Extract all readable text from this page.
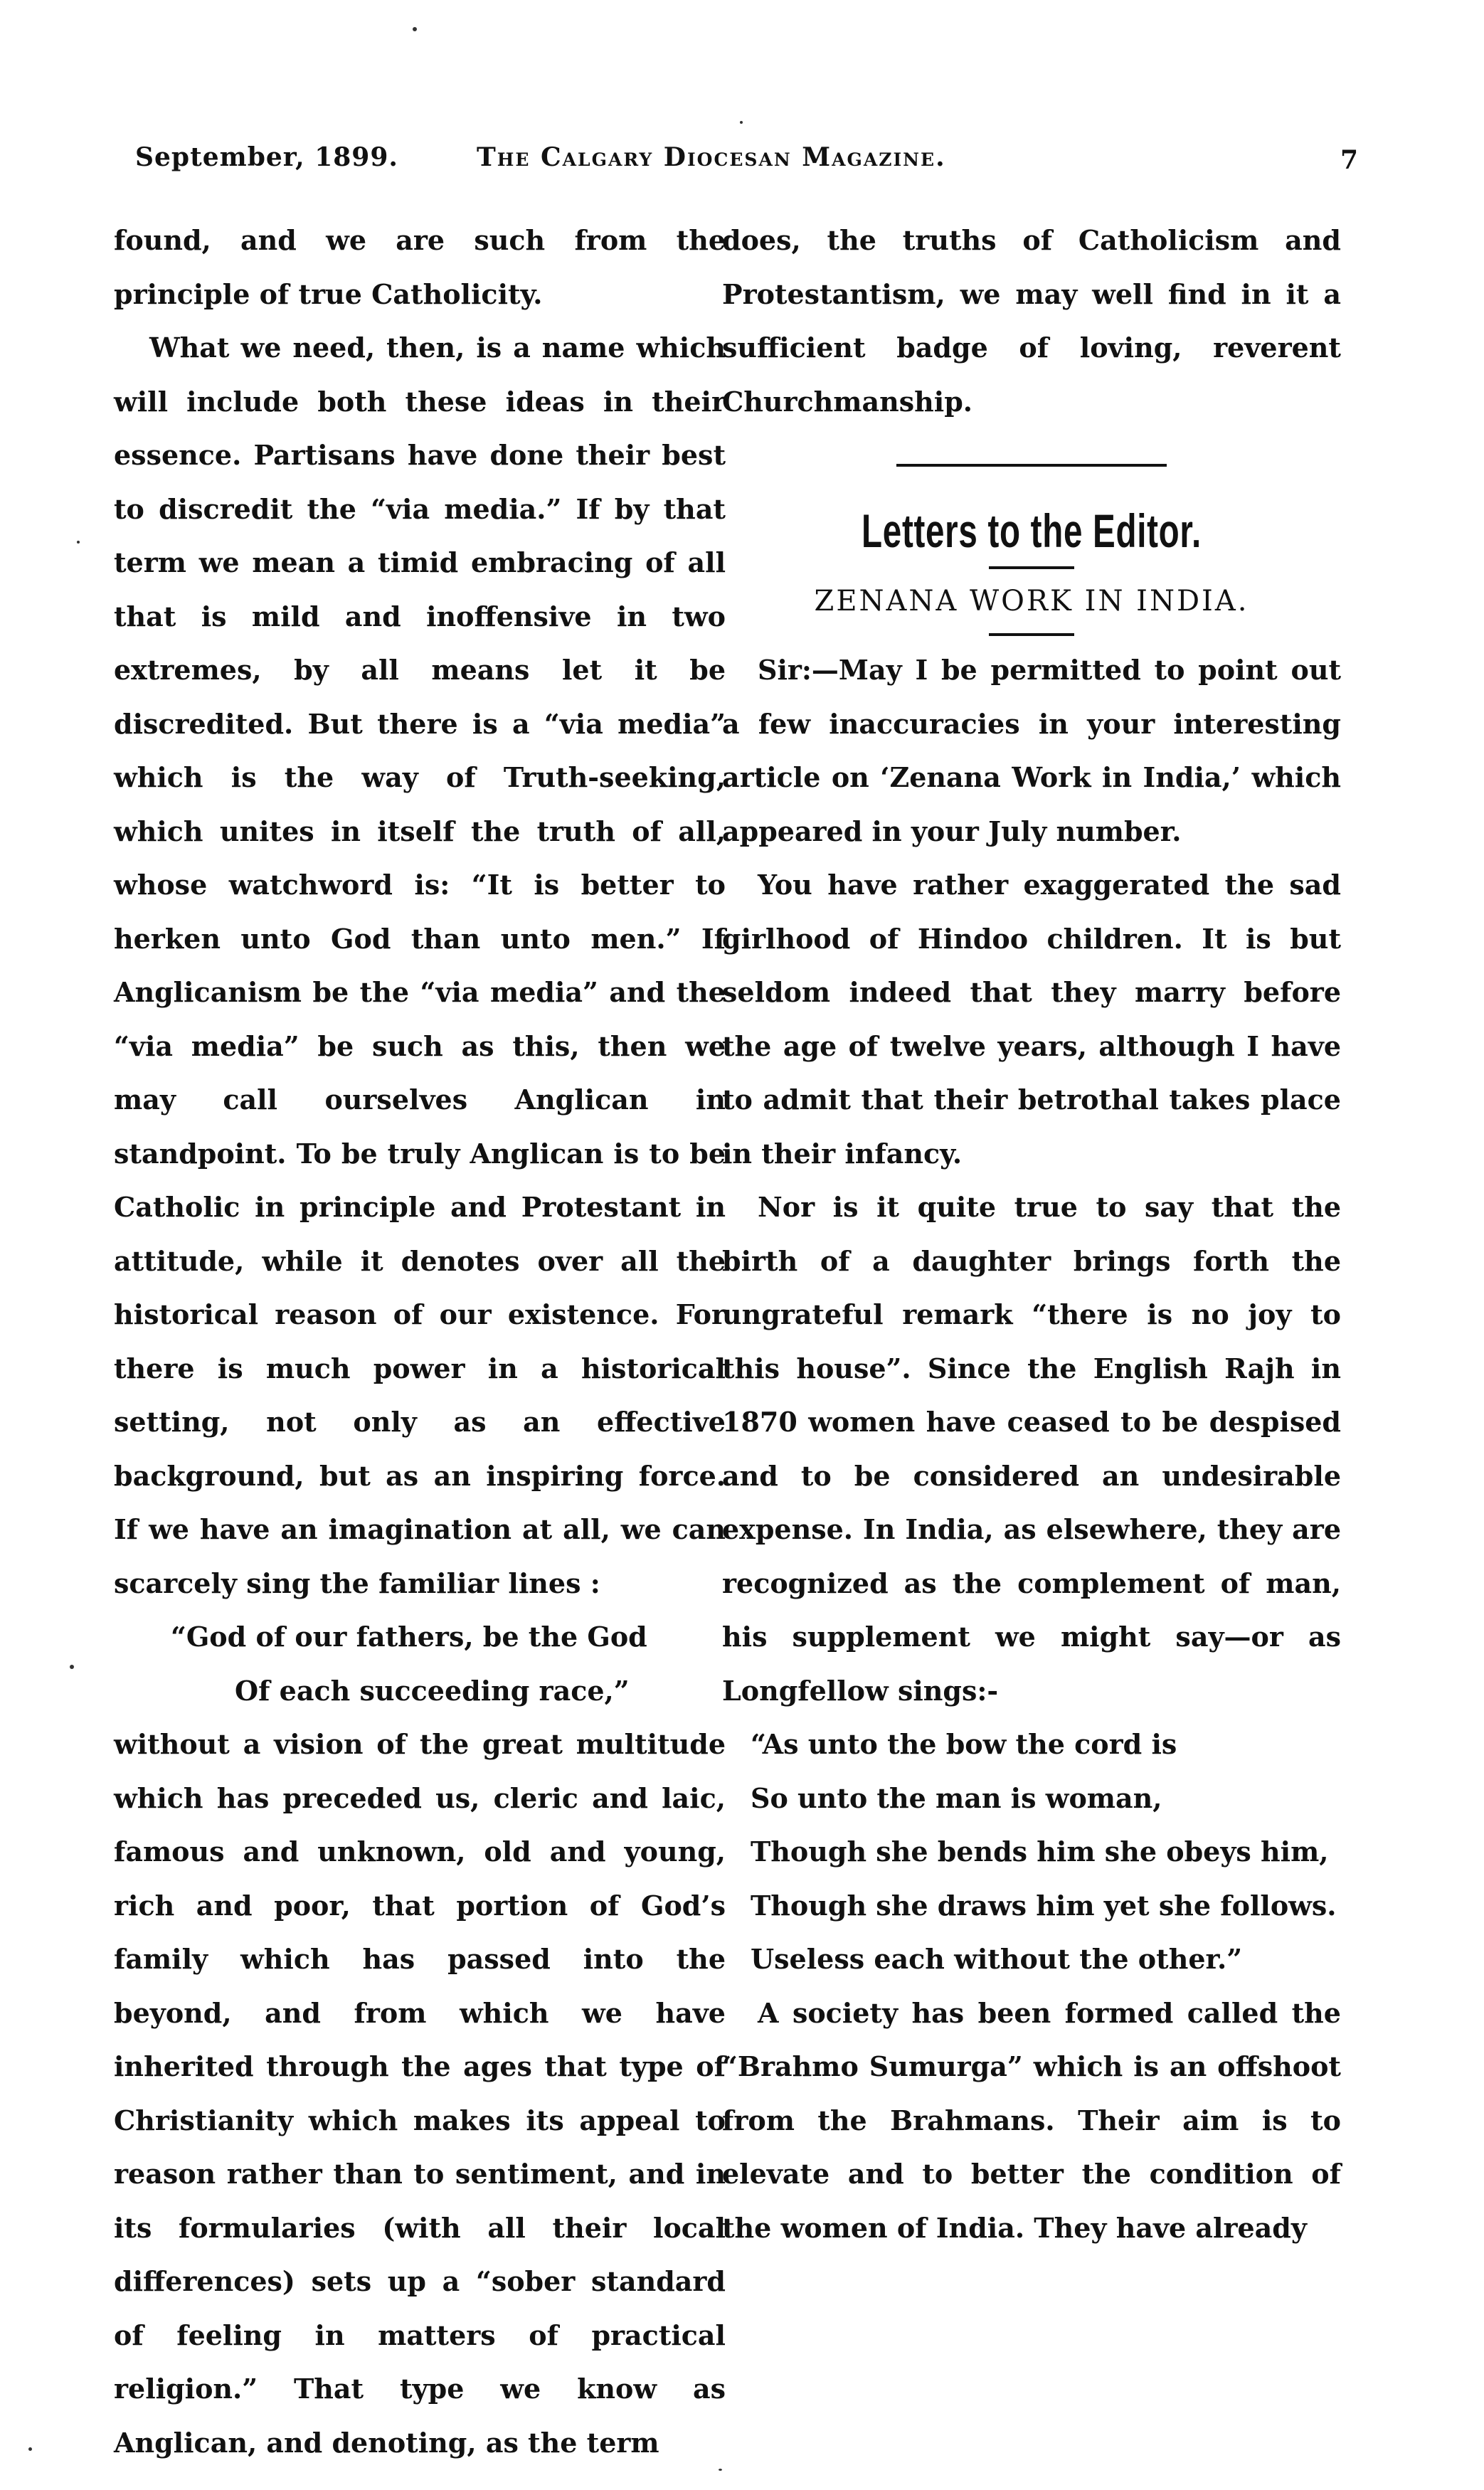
September, 1899.	The Calgary Diocesan Magazine.	7

found, and we are such from the principle of true Catholicity.

What we need, then, is a name which will include both these ideas in their essence. Partisans have done their best to discredit the “via media.” If by that term we mean a timid embracing of all that is mild and inoffensive in two extremes, by all means let it be discredited. But there is a “via media” which is the way of Truth-seeking, which unites in itself the truth of all, whose watchword is: “It is better to herken unto God than unto men.” If Anglicanism be the “via media” and the “via media” be such as this, then we may call ourselves Anglican in standpoint. To be truly Anglican is to be Catholic in principle and Protestant in attitude, while it denotes over all the historical reason of our existence. For there is much power in a historical setting, not only as an effective background, but as an inspiring force. If we have an imagination at all, we can scarcely sing the familiar lines :

“God of our fathers, be the God

Of each succeeding race,”

without a vision of the great multitude which has preceded us, cleric and laic, famous and unknown, old and young, rich and poor, that portion of God’s family which has passed into the beyond, and from which we have inherited through the ages that type of Christianity which makes its appeal to reason rather than to sentiment, and in its formularies (with all their local differences) sets up a “sober standard of feeling in matters of practical religion.” That type we know as Anglican, and denoting, as the term

does, the truths of Catholicism and Protestantism, we may well find in it a sufficient badge of loving, reverent Churchmanship.

Letters to the Editor.

ZENANA WORK IN INDIA.

Sir:—May I be permitted to point out a few inaccuracies in your interesting article on ‘Zenana Work in India,’ which appeared in your July number.

You have rather exaggerated the sad girlhood of Hindoo children. It is but seldom indeed that they marry before the age of twelve years, although I have to admit that their betrothal takes place in their infancy.

Nor is it quite true to say that the birth of a daughter brings forth the ungrateful remark “there is no joy to this house”. Since the English Rajh in 1870 women have ceased to be despised and to be considered an undesirable expense. In India, as elsewhere, they are recognized as the complement of man, his supplement we might say—or as Longfellow sings:-

“As unto the bow the cord is

So unto the man is woman,

Though she bends him she obeys him,

Though she draws him yet she follows.

Useless each without the other.”

A society has been formed called the “Brahmo Sumurga” which is an offshoot from the Brahmans. Their aim is to elevate and to better the condition of the women of India. They have already
